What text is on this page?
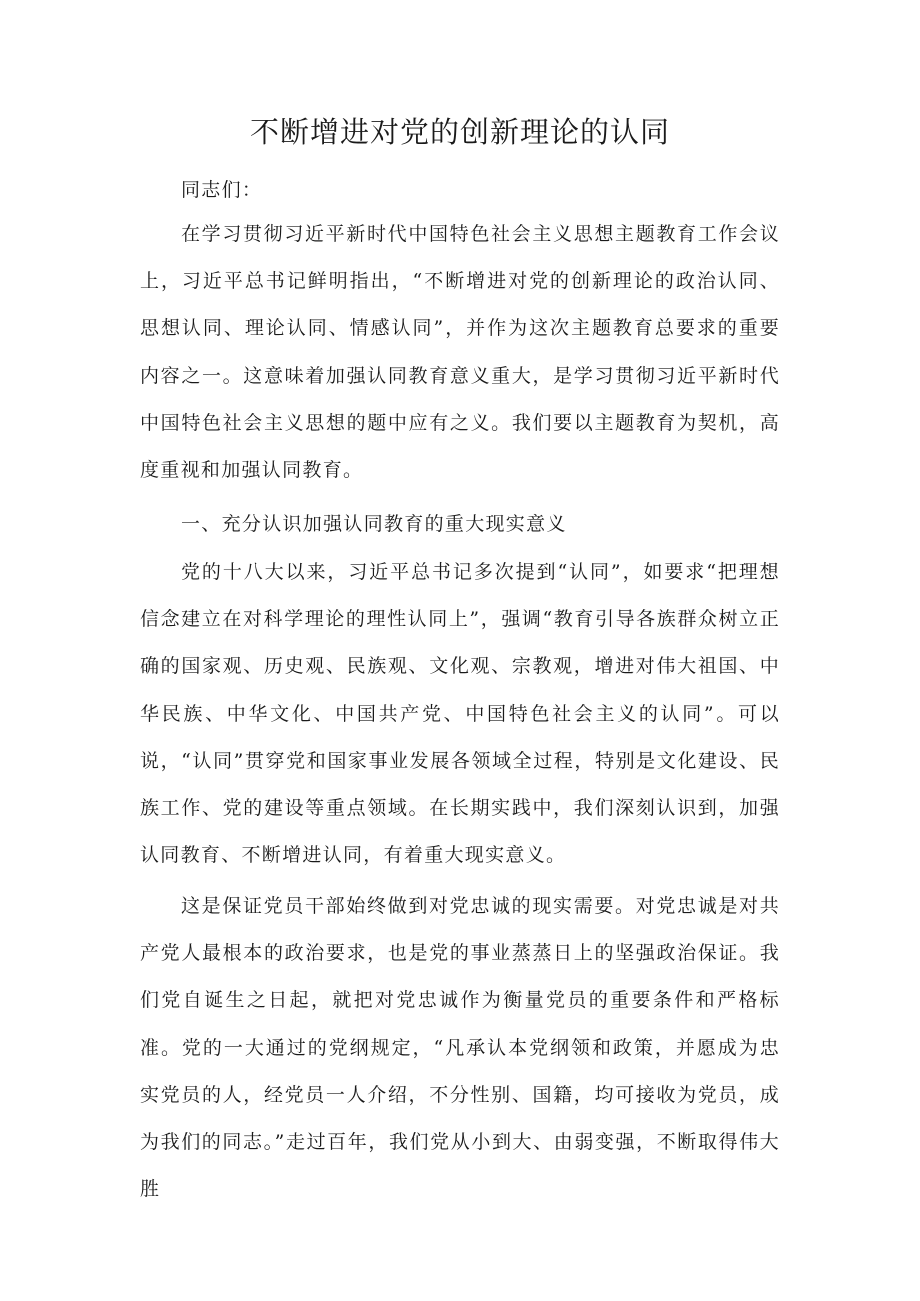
不断增进对党的创新理论的认同

同志们：

在学习贯彻习近平新时代中国特色社会主义思想主题教育工作会议上，习近平总书记鲜明指出，“不断增进对党的创新理论的政治认同、思想认同、理论认同、情感认同”，并作为这次主题教育总要求的重要内容之一。这意味着加强认同教育意义重大，是学习贯彻习近平新时代中国特色社会主义思想的题中应有之义。我们要以主题教育为契机，高度重视和加强认同教育。

一、充分认识加强认同教育的重大现实意义

党的十八大以来，习近平总书记多次提到“认同”，如要求“把理想信念建立在对科学理论的理性认同上”，强调“教育引导各族群众树立正确的国家观、历史观、民族观、文化观、宗教观，增进对伟大祖国、中华民族、中华文化、中国共产党、中国特色社会主义的认同”。可以说，“认同”贯穿党和国家事业发展各领域全过程，特别是文化建设、民族工作、党的建设等重点领域。在长期实践中，我们深刻认识到，加强认同教育、不断增进认同，有着重大现实意义。

这是保证党员干部始终做到对党忠诚的现实需要。对党忠诚是对共产党人最根本的政治要求，也是党的事业蒸蒸日上的坚强政治保证。我们党自诞生之日起，就把对党忠诚作为衡量党员的重要条件和严格标准。党的一大通过的党纲规定，“凡承认本党纲领和政策，并愿成为忠实党员的人，经党员一人介绍，不分性别、国籍，均可接收为党员，成为我们的同志。”走过百年，我们党从小到大、由弱变强，不断取得伟大胜
